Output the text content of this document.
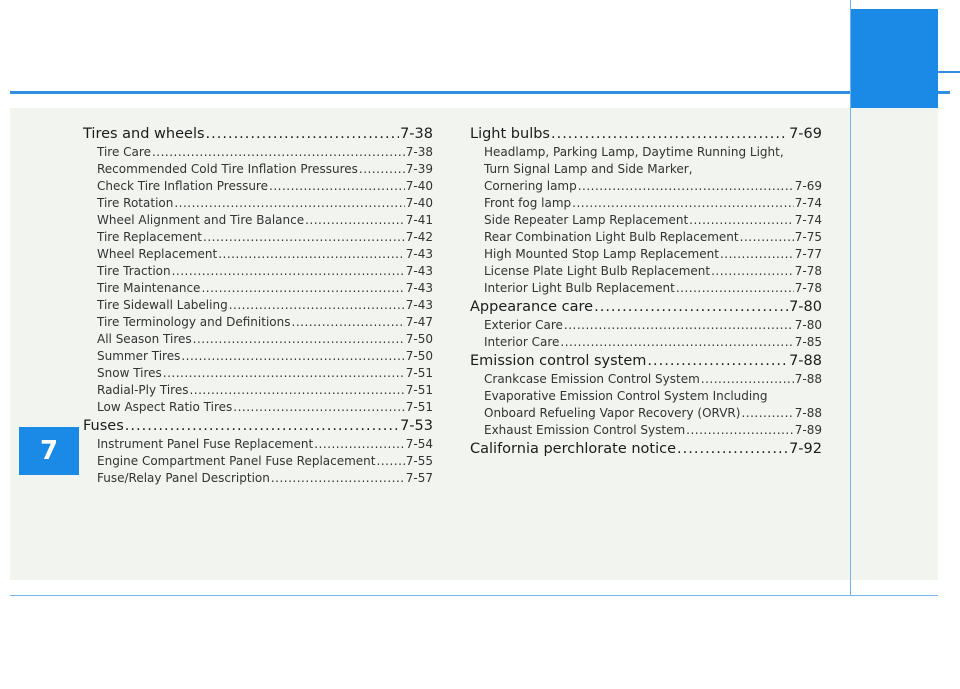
7
Tires and wheels .....	7-38
Tire Care .....	7-38
Recommended Cold Tire Inflation Pressures .....	7-39
Check Tire Inflation Pressure .....	7-40
Tire Rotation .....	7-40
Wheel Alignment and Tire Balance .....	7-41
Tire Replacement .....	7-42
Wheel Replacement .....	7-43
Tire Traction .....	7-43
Tire Maintenance .....	7-43
Tire Sidewall Labeling .....	7-43
Tire Terminology and Definitions .....	7-47
All Season Tires .....	7-50
Summer Tires .....	7-50
Snow Tires .....	7-51
Radial-Ply Tires .....	7-51
Low Aspect Ratio Tires .....	7-51
Fuses .....	7-53
Instrument Panel Fuse Replacement .....	7-54
Engine Compartment Panel Fuse Replacement .....	7-55
Fuse/Relay Panel Description .....	7-57
Light bulbs .....	7-69
Headlamp, Parking Lamp, Daytime Running Light,
Turn Signal Lamp and Side Marker,
Cornering lamp .....	7-69
Front fog lamp .....	7-74
Side Repeater Lamp Replacement .....	7-74
Rear Combination Light Bulb Replacement .....	7-75
High Mounted Stop Lamp Replacement .....	7-77
License Plate Light Bulb Replacement .....	7-78
Interior Light Bulb Replacement .....	7-78
Appearance care .....	7-80
Exterior Care .....	7-80
Interior Care .....	7-85
Emission control system .....	7-88
Crankcase Emission Control System .....	7-88
Evaporative Emission Control System Including
Onboard Refueling Vapor Recovery (ORVR) .....	7-88
Exhaust Emission Control System .....	7-89
California perchlorate notice .....	7-92
